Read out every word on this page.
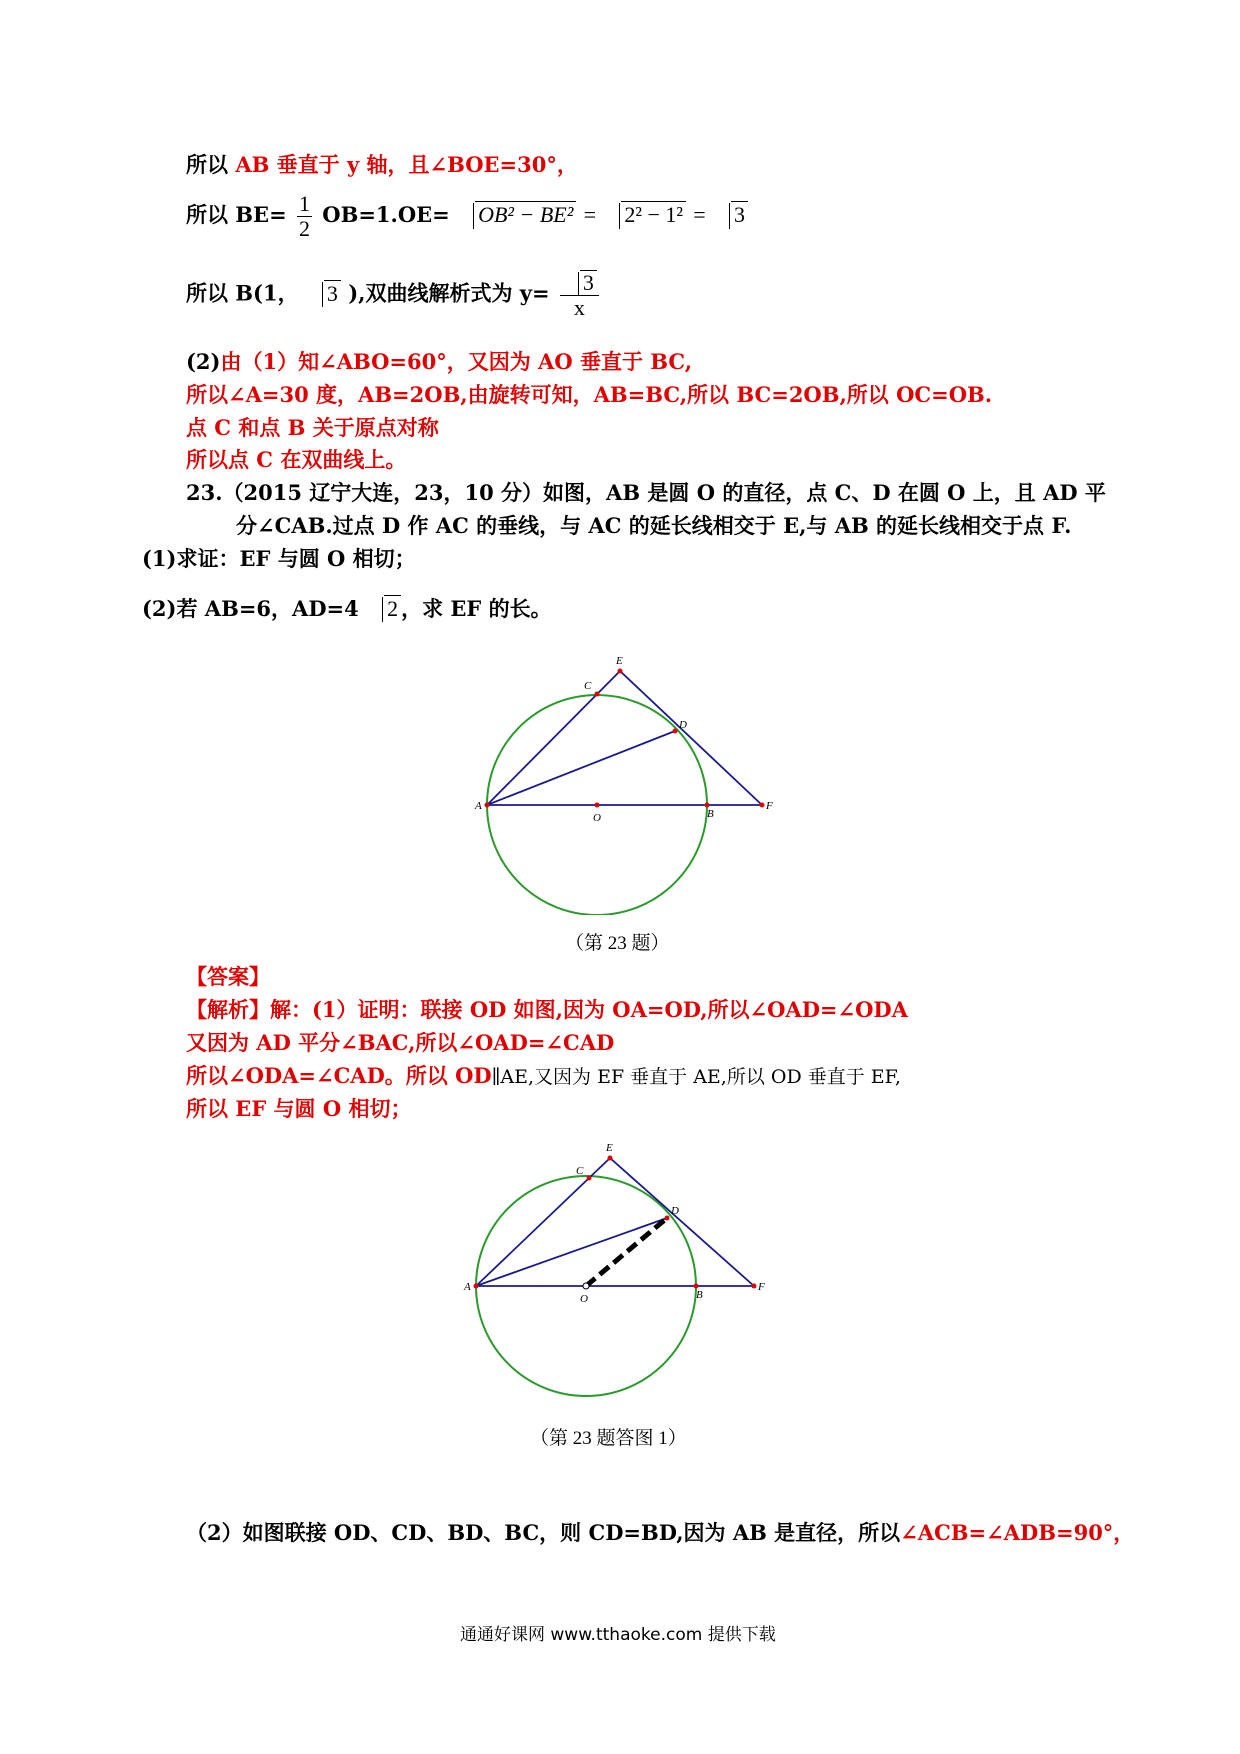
所以 AB 垂直于 y 轴，且∠BOE=30°，
所以 $BE= \frac{1}{2} OB=1.OE= OB^2 - BE^2 = 2^2 - 1^2 = 3$
所以 B(1， 3 ),双曲线解析式为 $y= \frac{3}{x}$
(2)由（1）知∠ABO=60°，又因为 AO 垂直于 BC,
所以∠A=30 度，AB=2OB,由旋转可知，AB=BC,所以 BC=2OB,所以 OC=OB.
点 C 和点 B 关于原点对称
所以点 C 在双曲线上。
23.（2015 辽宁大连，23，10 分）如图，AB 是圆 O 的直径，点 C、D 在圆 O 上，且 AD 平
分∠CAB.过点 D 作 AC 的垂线，与 AC 的延长线相交于 E,与 AB 的延长线相交于点 F.
(1)求证：EF 与圆 O 相切；
(2)若 AB=6，AD=4 2 ，求 EF 的长。
A
O	B
F
E
C
D
（第 23 题）
【答案】
【解析】解：(1）证明：联接 OD 如图,因为 OA=OD,所以∠OAD=∠ODA
又因为 AD 平分∠BAC,所以∠OAD=∠CAD
所以∠ODA=∠CAD。所以 OD∥AE,又因为 EF 垂直于 AE,所以 OD 垂直于 EF,
所以 EF 与圆 O 相切；
A
O	B
F
E
C
D
（第 23 题答图 1）
（2）如图联接 OD、CD、BD、BC，则 CD=BD,因为 AB 是直径，所以∠ACB=∠ADB=90°，
通通好课网 www.tthaoke.com 提供下载
